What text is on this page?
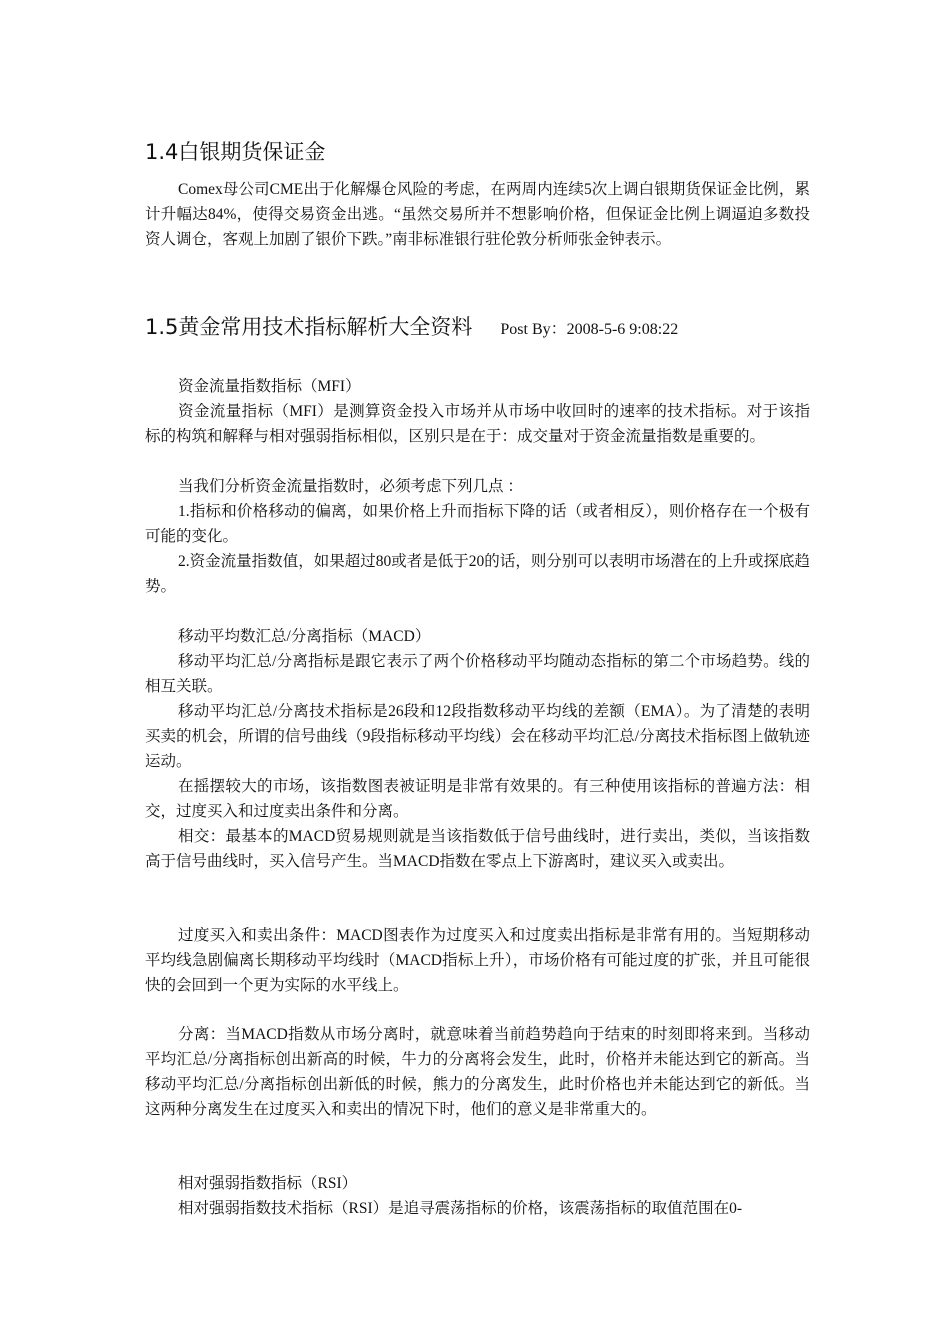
1.4白银期货保证金

Comex母公司CME出于化解爆仓风险的考虑，在两周内连续5次上调白银期货保证金比例，累计升幅达84%，使得交易资金出逃。“虽然交易所并不想影响价格，但保证金比例上调逼迫多数投资人调仓，客观上加剧了银价下跌。”南非标准银行驻伦敦分析师张金钟表示。

1.5黄金常用技术指标解析大全资料 Post By：2008-5-6 9:08:22

资金流量指数指标（MFI）

资金流量指标（MFI）是测算资金投入市场并从市场中收回时的速率的技术指标。对于该指标的构筑和解释与相对强弱指标相似，区别只是在于：成交量对于资金流量指数是重要的。

当我们分析资金流量指数时，必须考虑下列几点 ：

1.指标和价格移动的偏离，如果价格上升而指标下降的话（或者相反），则价格存在一个极有可能的变化。

2.资金流量指数值，如果超过80或者是低于20的话，则分别可以表明市场潜在的上升或探底趋势。

移动平均数汇总/分离指标（MACD）

移动平均汇总/分离指标是跟它表示了两个价格移动平均随动态指标的第二个市场趋势。线的相互关联。

移动平均汇总/分离技术指标是26段和12段指数移动平均线的差额（EMA）。为了清楚的表明买卖的机会，所谓的信号曲线（9段指标移动平均线）会在移动平均汇总/分离技术指标图上做轨迹运动。

在摇摆较大的市场，该指数图表被证明是非常有效果的。有三种使用该指标的普遍方法：相交，过度买入和过度卖出条件和分离。

相交：最基本的MACD贸易规则就是当该指数低于信号曲线时，进行卖出，类似，当该指数高于信号曲线时，买入信号产生。当MACD指数在零点上下游离时，建议买入或卖出。

过度买入和卖出条件：MACD图表作为过度买入和过度卖出指标是非常有用的。当短期移动平均线急剧偏离长期移动平均线时（MACD指标上升），市场价格有可能过度的扩张，并且可能很快的会回到一个更为实际的水平线上。

分离：当MACD指数从市场分离时，就意味着当前趋势趋向于结束的时刻即将来到。当移动平均汇总/分离指标创出新高的时候，牛力的分离将会发生，此时，价格并未能达到它的新高。当移动平均汇总/分离指标创出新低的时候，熊力的分离发生，此时价格也并未能达到它的新低。当这两种分离发生在过度买入和卖出的情况下时，他们的意义是非常重大的。

相对强弱指数指标（RSI）

相对强弱指数技术指标（RSI）是追寻震荡指标的价格，该震荡指标的取值范围在0-
